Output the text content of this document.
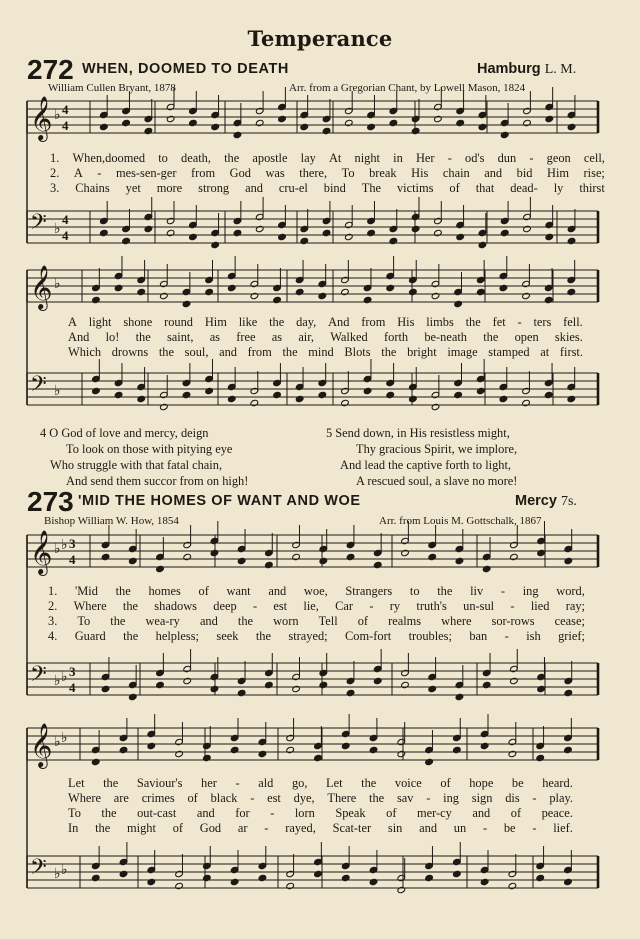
Temperance
272 WHEN, DOOMED TO DEATH	Hamburg L. M.
William Cullen Bryant, 1878	Arr. from a Gregorian Chant, by Lowell Mason, 1824
𝄞 ♭ 4
4
𝄢 ♭
4
4
𝄞 ♭
𝄢 ♭
𝄞 ♭ ♭ 3
4
𝄢 ♭ ♭ 3
4
𝄞 ♭ ♭
𝄢 ♭ ♭
1. When,doomed to death, the apostle lay At night in Her - od's dun - geon cell,
2. A - mes-sen-ger from God was there, To break His chain and bid Him rise;
3. Chains yet more strong and cru-el bind The victims of that dead- ly thirst
A light shone round Him like the day, And from His limbs the fet - ters fell.
And lo! the saint, as free as air, Walked forth be-neath the open skies.
Which drowns the soul, and from the mind Blots the bright image stamped at first.
4 O God of love and mercy, deign
To look on those with pitying eye
Who struggle with that fatal chain,
And send them succor from on high!
5 Send down, in His resistless might,
Thy gracious Spirit, we implore,
And lead the captive forth to light,
A rescued soul, a slave no more!
273 'MID THE HOMES OF WANT AND WOE	Mercy 7s.
Bishop William W. How, 1854	Arr. from Louis M. Gottschalk, 1867
1. 'Mid the homes of want and woe, Strangers to the liv - ing word,
2. Where the shadows deep - est lie, Car - ry truth's un-sul - lied ray;
3. To the wea-ry and the worn Tell of realms where sor-rows cease;
4. Guard the helpless; seek the strayed; Com-fort troubles; ban - ish grief;
Let the Saviour's her - ald go, Let the voice of hope be heard.
Where are crimes of black - est dye, There the sav - ing sign dis - play.
To the out-cast and for - lorn Speak of mer-cy and of peace.
In the might of God ar - rayed, Scat-ter sin and un - be - lief.
